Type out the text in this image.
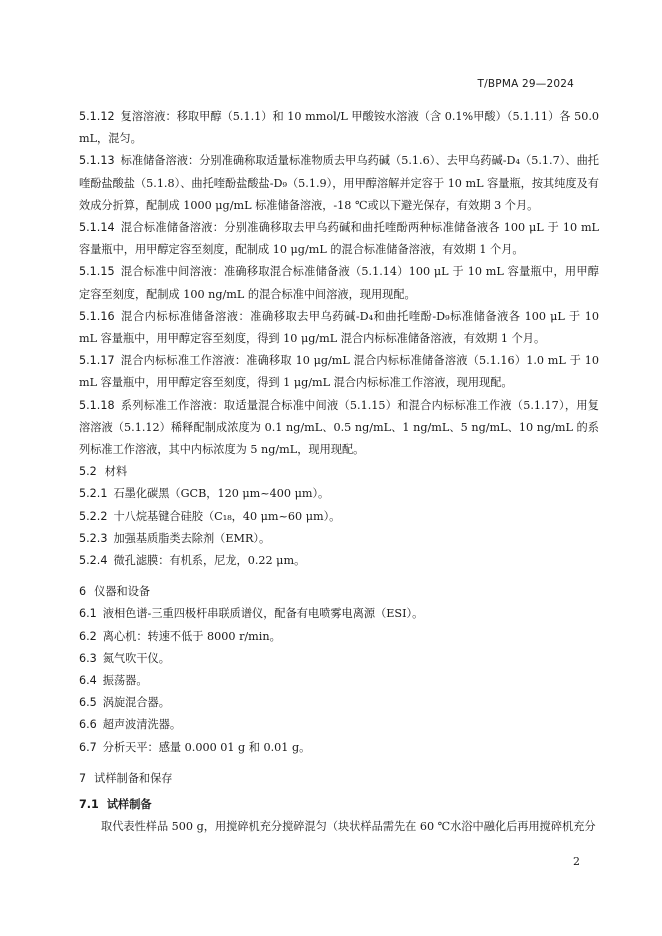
T/BPMA 29—2024

5.1.12 复溶溶液：移取甲醇（5.1.1）和 10 mmol/L 甲酸铵水溶液（含 0.1%甲酸）（5.1.11）各 50.0 mL，混匀。

5.1.13 标准储备溶液：分别准确称取适量标准物质去甲乌药碱（5.1.6）、去甲乌药碱-D₄（5.1.7）、曲托喹酚盐酸盐（5.1.8）、曲托喹酚盐酸盐-D₉（5.1.9），用甲醇溶解并定容于 10 mL 容量瓶，按其纯度及有效成分折算，配制成 1000 μg/mL 标准储备溶液，-18 ℃或以下避光保存，有效期 3 个月。

5.1.14 混合标准储备溶液：分别准确移取去甲乌药碱和曲托喹酚两种标准储备液各 100 μL 于 10 mL 容量瓶中，用甲醇定容至刻度，配制成 10 μg/mL 的混合标准储备溶液，有效期 1 个月。

5.1.15 混合标准中间溶液：准确移取混合标准储备液（5.1.14）100 μL 于 10 mL 容量瓶中，用甲醇定容至刻度，配制成 100 ng/mL 的混合标准中间溶液，现用现配。

5.1.16 混合内标标准储备溶液：准确移取去甲乌药碱-D₄和曲托喹酚-D₉标准储备液各 100 μL 于 10 mL 容量瓶中，用甲醇定容至刻度，得到 10 μg/mL 混合内标标准储备溶液，有效期 1 个月。

5.1.17 混合内标标准工作溶液：准确移取 10 μg/mL 混合内标标准储备溶液（5.1.16）1.0 mL 于 10 mL 容量瓶中，用甲醇定容至刻度，得到 1 μg/mL 混合内标标准工作溶液，现用现配。

5.1.18 系列标准工作溶液：取适量混合标准中间液（5.1.15）和混合内标标准工作液（5.1.17），用复溶溶液（5.1.12）稀释配制成浓度为 0.1 ng/mL、0.5 ng/mL、1 ng/mL、5 ng/mL、10 ng/mL 的系列标准工作溶液，其中内标浓度为 5 ng/mL，现用现配。

5.2 材料

5.2.1 石墨化碳黑（GCB，120 μm~400 μm）。

5.2.2 十八烷基键合硅胶（C₁₈，40 μm~60 μm）。

5.2.3 加强基质脂类去除剂（EMR）。

5.2.4 微孔滤膜：有机系，尼龙，0.22 μm。

6 仪器和设备

6.1 液相色谱-三重四极杆串联质谱仪，配备有电喷雾电离源（ESI）。

6.2 离心机：转速不低于 8000 r/min。

6.3 氮气吹干仪。

6.4 振荡器。

6.5 涡旋混合器。

6.6 超声波清洗器。

6.7 分析天平：感量 0.000 01 g 和 0.01 g。

7 试样制备和保存

7.1 试样制备

取代表性样品 500 g，用搅碎机充分搅碎混匀（块状样品需先在 60 ℃水浴中融化后再用搅碎机充分

2
